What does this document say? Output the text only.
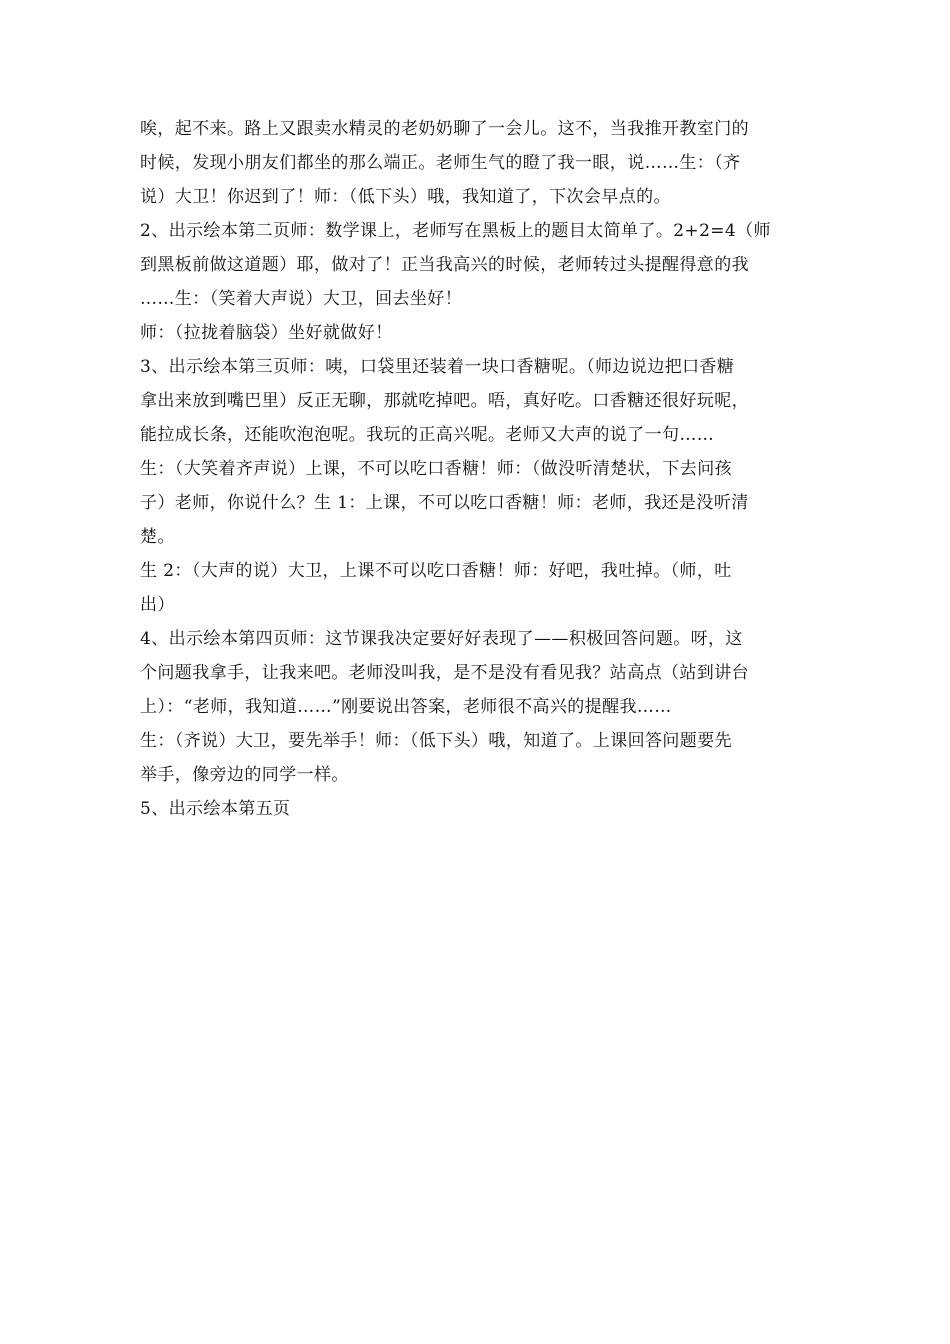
唉，起不来。路上又跟卖水精灵的老奶奶聊了一会儿。这不，当我推开教室门的
时候，发现小朋友们都坐的那么端正。老师生气的瞪了我一眼，说……生：（齐
说）大卫！你迟到了！师：（低下头）哦，我知道了，下次会早点的。
2、出示绘本第二页师：数学课上，老师写在黑板上的题目太简单了。2+2=4（师
到黑板前做这道题）耶，做对了！正当我高兴的时候，老师转过头提醒得意的我
……生：（笑着大声说）大卫，回去坐好！
师：（拉拢着脑袋）坐好就做好！
3、出示绘本第三页师：咦，口袋里还装着一块口香糖呢。（师边说边把口香糖
拿出来放到嘴巴里）反正无聊，那就吃掉吧。唔，真好吃。口香糖还很好玩呢，
能拉成长条，还能吹泡泡呢。我玩的正高兴呢。老师又大声的说了一句……
生：（大笑着齐声说）上课，不可以吃口香糖！师：（做没听清楚状，下去问孩
子）老师，你说什么？生 1：上课，不可以吃口香糖！师：老师，我还是没听清
楚。
生 2：（大声的说）大卫，上课不可以吃口香糖！师：好吧，我吐掉。（师，吐
出）
4、出示绘本第四页师：这节课我决定要好好表现了——积极回答问题。呀，这
个问题我拿手，让我来吧。老师没叫我，是不是没有看见我？站高点（站到讲台
上）：“老师，我知道……”刚要说出答案，老师很不高兴的提醒我……
生：（齐说）大卫，要先举手！师：（低下头）哦，知道了。上课回答问题要先
举手，像旁边的同学一样。
5、出示绘本第五页
